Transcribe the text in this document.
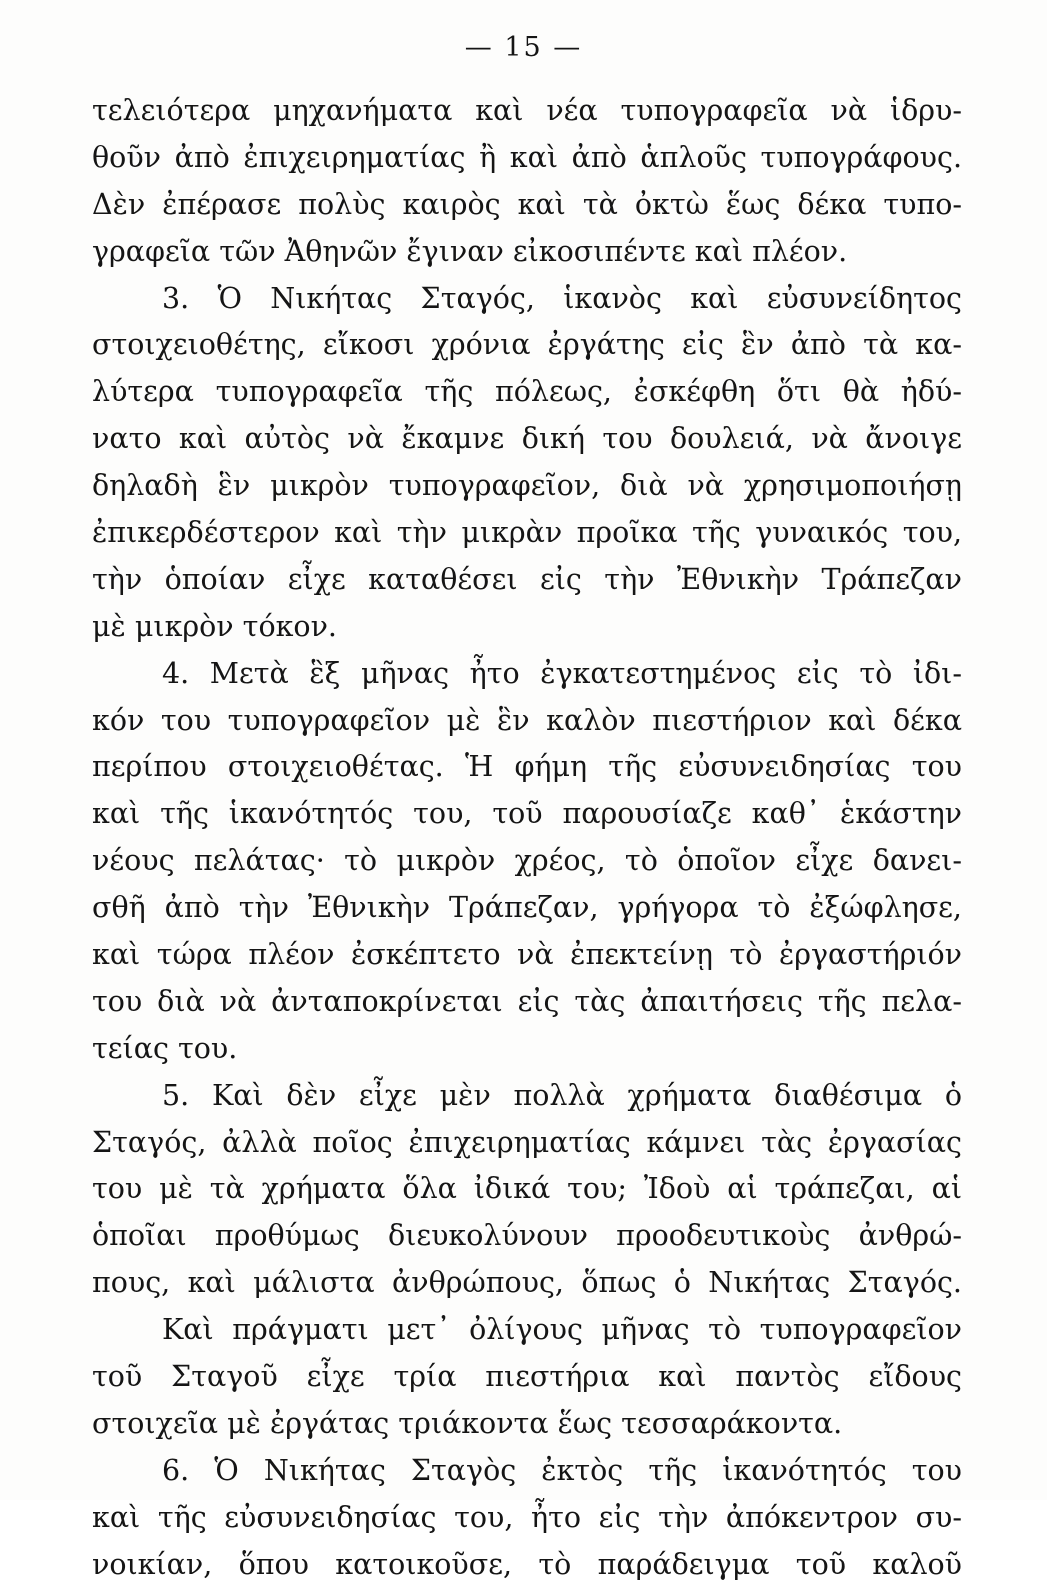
— 15 —
τελειότερα μηχανήματα καὶ νέα τυπογραφεῖα νὰ ἱδρυ-
θοῦν ἀπὸ ἐπιχειρηματίας ἢ καὶ ἀπὸ ἁπλοῦς τυπογράφους.
Δὲν ἐπέρασε πολὺς καιρὸς καὶ τὰ ὀκτὼ ἕως δέκα τυπο-
γραφεῖα τῶν Ἀθηνῶν ἔγιναν εἰκοσιπέντε καὶ πλέον.
3. Ὁ Νικήτας Σταγός, ἱκανὸς καὶ εὐσυνείδητος
στοιχειοθέτης, εἴκοσι χρόνια ἐργάτης εἰς ἓν ἀπὸ τὰ κα-
λύτερα τυπογραφεῖα τῆς πόλεως, ἐσκέφθη ὅτι θὰ ἠδύ-
νατο καὶ αὐτὸς νὰ ἔκαμνε δική του δουλειά, νὰ ἄνοιγε
δηλαδὴ ἓν μικρὸν τυπογραφεῖον, διὰ νὰ χρησιμοποιήσῃ
ἐπικερδέστερον καὶ τὴν μικρὰν προῖκα τῆς γυναικός του,
τὴν ὁποίαν εἶχε καταθέσει εἰς τὴν Ἐθνικὴν Τράπεζαν
μὲ μικρὸν τόκον.
4. Μετὰ ἓξ μῆνας ἦτο ἐγκατεστημένος εἰς τὸ ἰδι-
κόν του τυπογραφεῖον μὲ ἓν καλὸν πιεστήριον καὶ δέκα
περίπου στοιχειοθέτας. Ἡ φήμη τῆς εὐσυνειδησίας του
καὶ τῆς ἱκανότητός του, τοῦ παρουσίαζε καθ᾽ ἑκάστην
νέους πελάτας· τὸ μικρὸν χρέος, τὸ ὁποῖον εἶχε δανει-
σθῆ ἀπὸ τὴν Ἐθνικὴν Τράπεζαν, γρήγορα τὸ ἐξώφλησε,
καὶ τώρα πλέον ἐσκέπτετο νὰ ἐπεκτείνῃ τὸ ἐργαστήριόν
του διὰ νὰ ἀνταποκρίνεται εἰς τὰς ἀπαιτήσεις τῆς πελα-
τείας του.
5. Καὶ δὲν εἶχε μὲν πολλὰ χρήματα διαθέσιμα ὁ
Σταγός, ἀλλὰ ποῖος ἐπιχειρηματίας κάμνει τὰς ἐργασίας
του μὲ τὰ χρήματα ὅλα ἰδικά του; Ἰδοὺ αἱ τράπεζαι, αἱ
ὁποῖαι προθύμως διευκολύνουν προοδευτικοὺς ἀνθρώ-
πους, καὶ μάλιστα ἀνθρώπους, ὅπως ὁ Νικήτας Σταγός.
Καὶ πράγματι μετ᾽ ὀλίγους μῆνας τὸ τυπογραφεῖον
τοῦ Σταγοῦ εἶχε τρία πιεστήρια καὶ παντὸς εἴδους
στοιχεῖα μὲ ἐργάτας τριάκοντα ἕως τεσσαράκοντα.
6. Ὁ Νικήτας Σταγὸς ἐκτὸς τῆς ἱκανότητός του
καὶ τῆς εὐσυνειδησίας του, ἦτο εἰς τὴν ἀπόκεντρον συ-
νοικίαν, ὅπου κατοικοῦσε, τὸ παράδειγμα τοῦ καλοῦ
